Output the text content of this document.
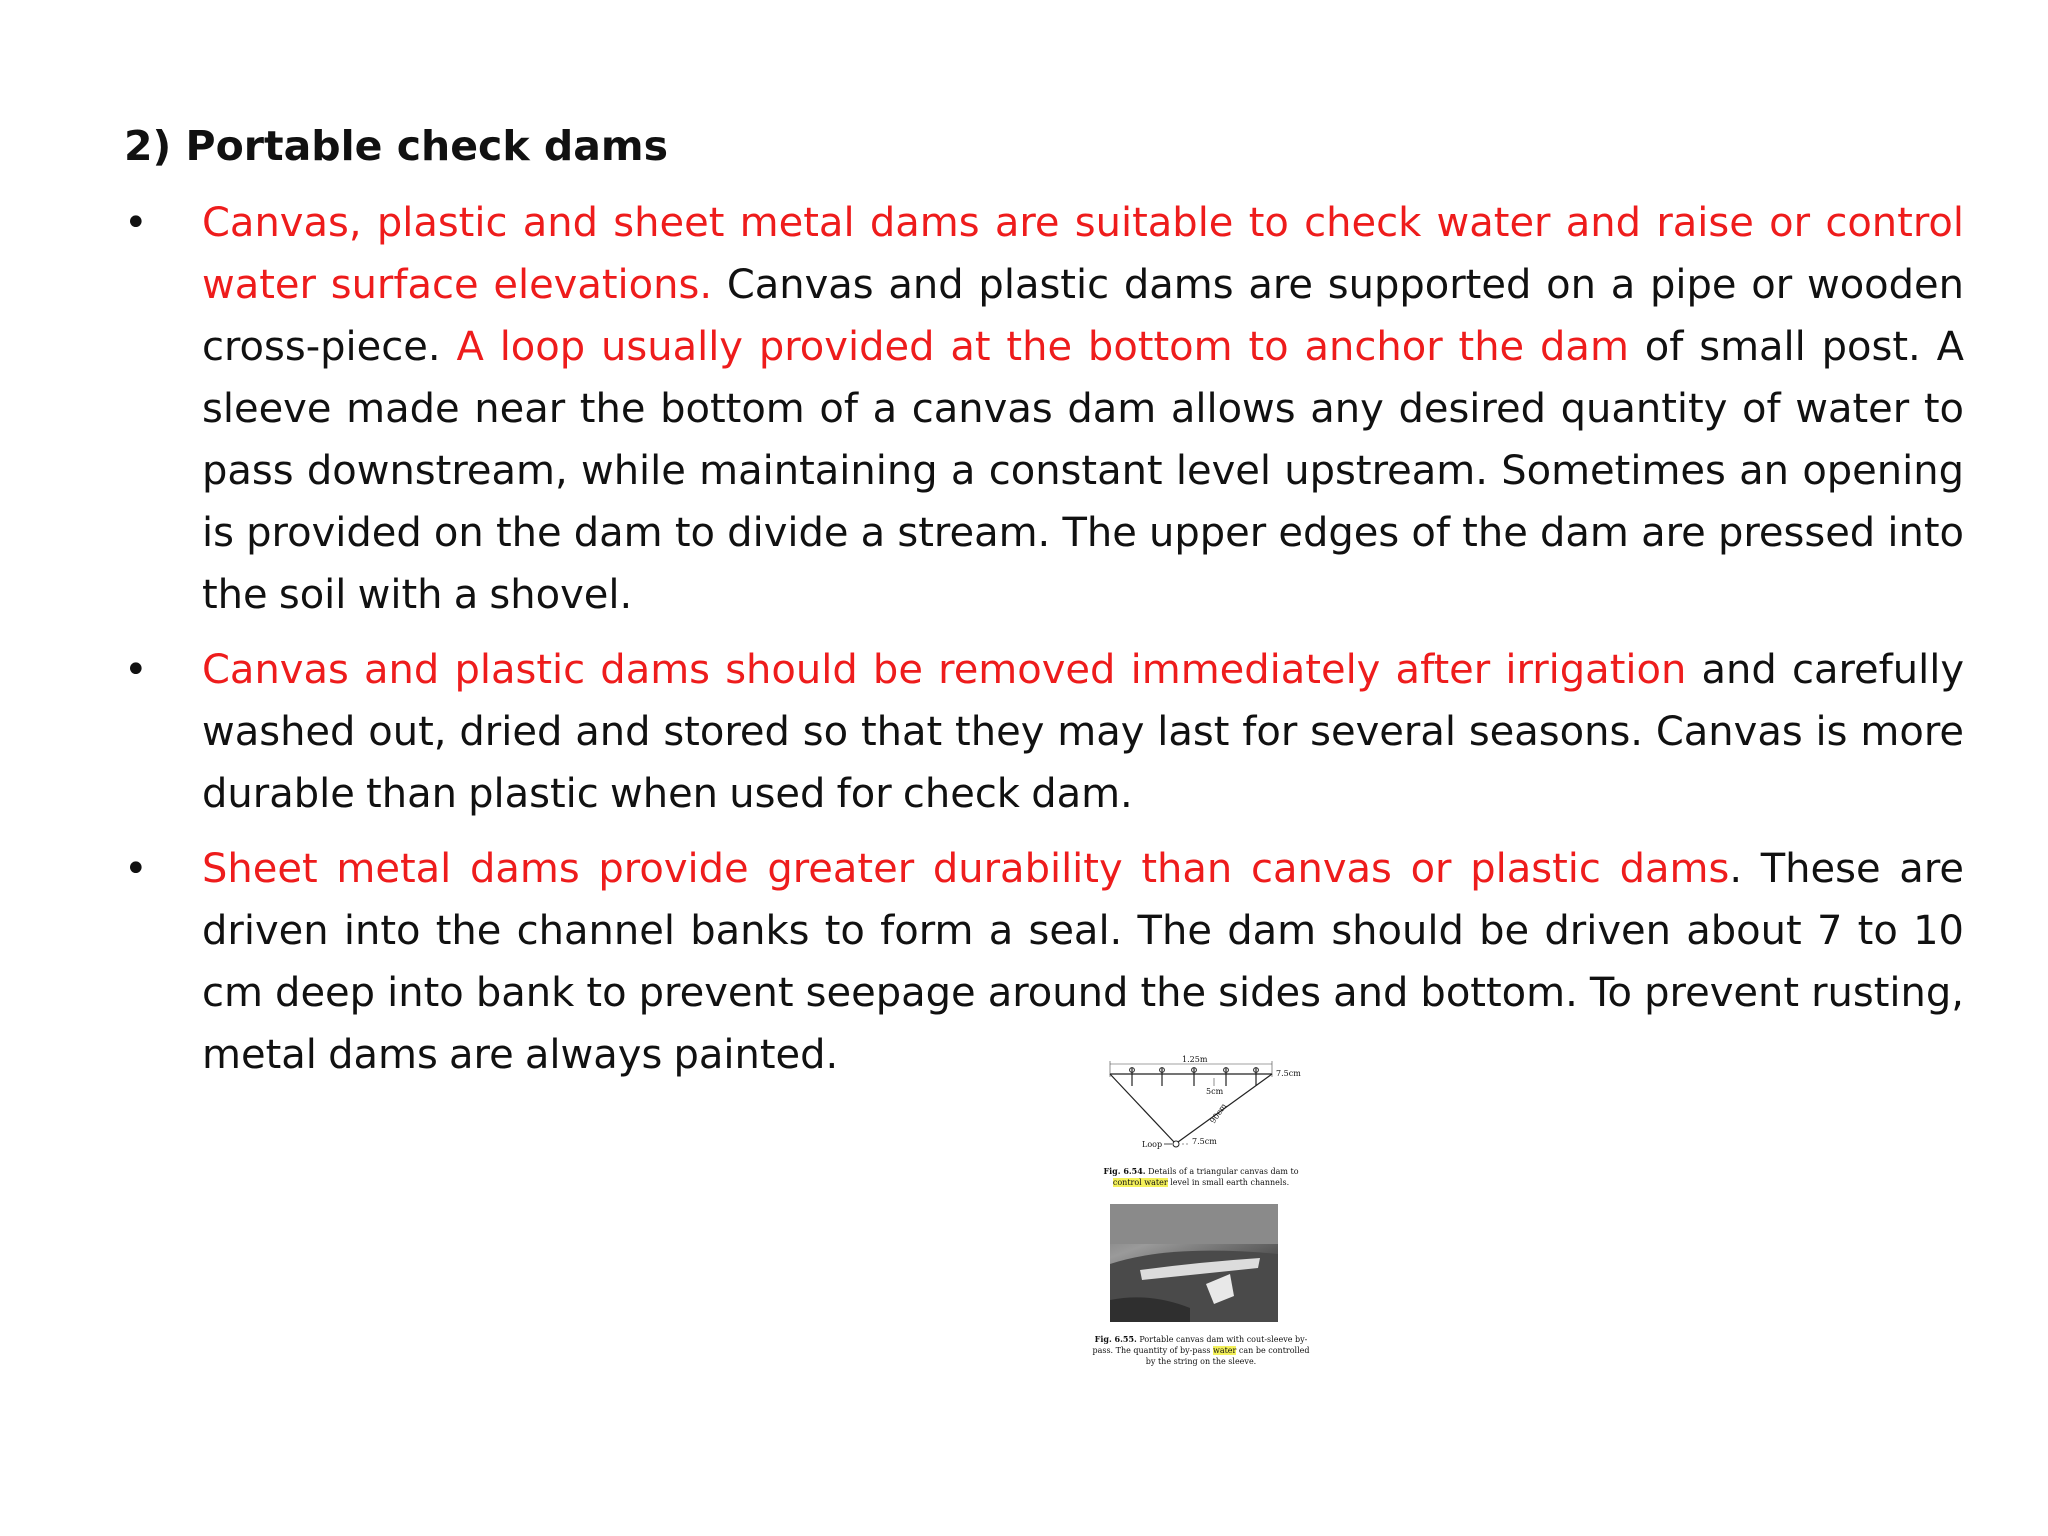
2) Portable check dams
• Canvas, plastic and sheet metal dams are suitable to check water and raise or control water surface elevations. Canvas and plastic dams are supported on a pipe or wooden cross-piece. A loop usually provided at the bottom to anchor the dam of small post. A sleeve made near the bottom of a canvas dam allows any desired quantity of water to pass downstream, while maintaining a constant level upstream. Sometimes an opening is provided on the dam to divide a stream. The upper edges of the dam are pressed into the soil with a shovel.
• Canvas and plastic dams should be removed immediately after irrigation and carefully washed out, dried and stored so that they may last for several seasons. Canvas is more durable than plastic when used for check dam.
• Sheet metal dams provide greater durability than canvas or plastic dams. These are driven into the channel banks to form a seal. The dam should be driven about 7 to 10 cm deep into bank to prevent seepage around the sides and bottom. To prevent rusting, metal dams are always painted.	1.25m
7.5cm
5cm
90cm
Loop	7.5cm
Fig. 6.54. Details of a triangular canvas dam to control water level in small earth channels.
Fig. 6.55. Portable canvas dam with cout-sleeve by-pass. The quantity of by-pass water can be controlled by the string on the sleeve.
